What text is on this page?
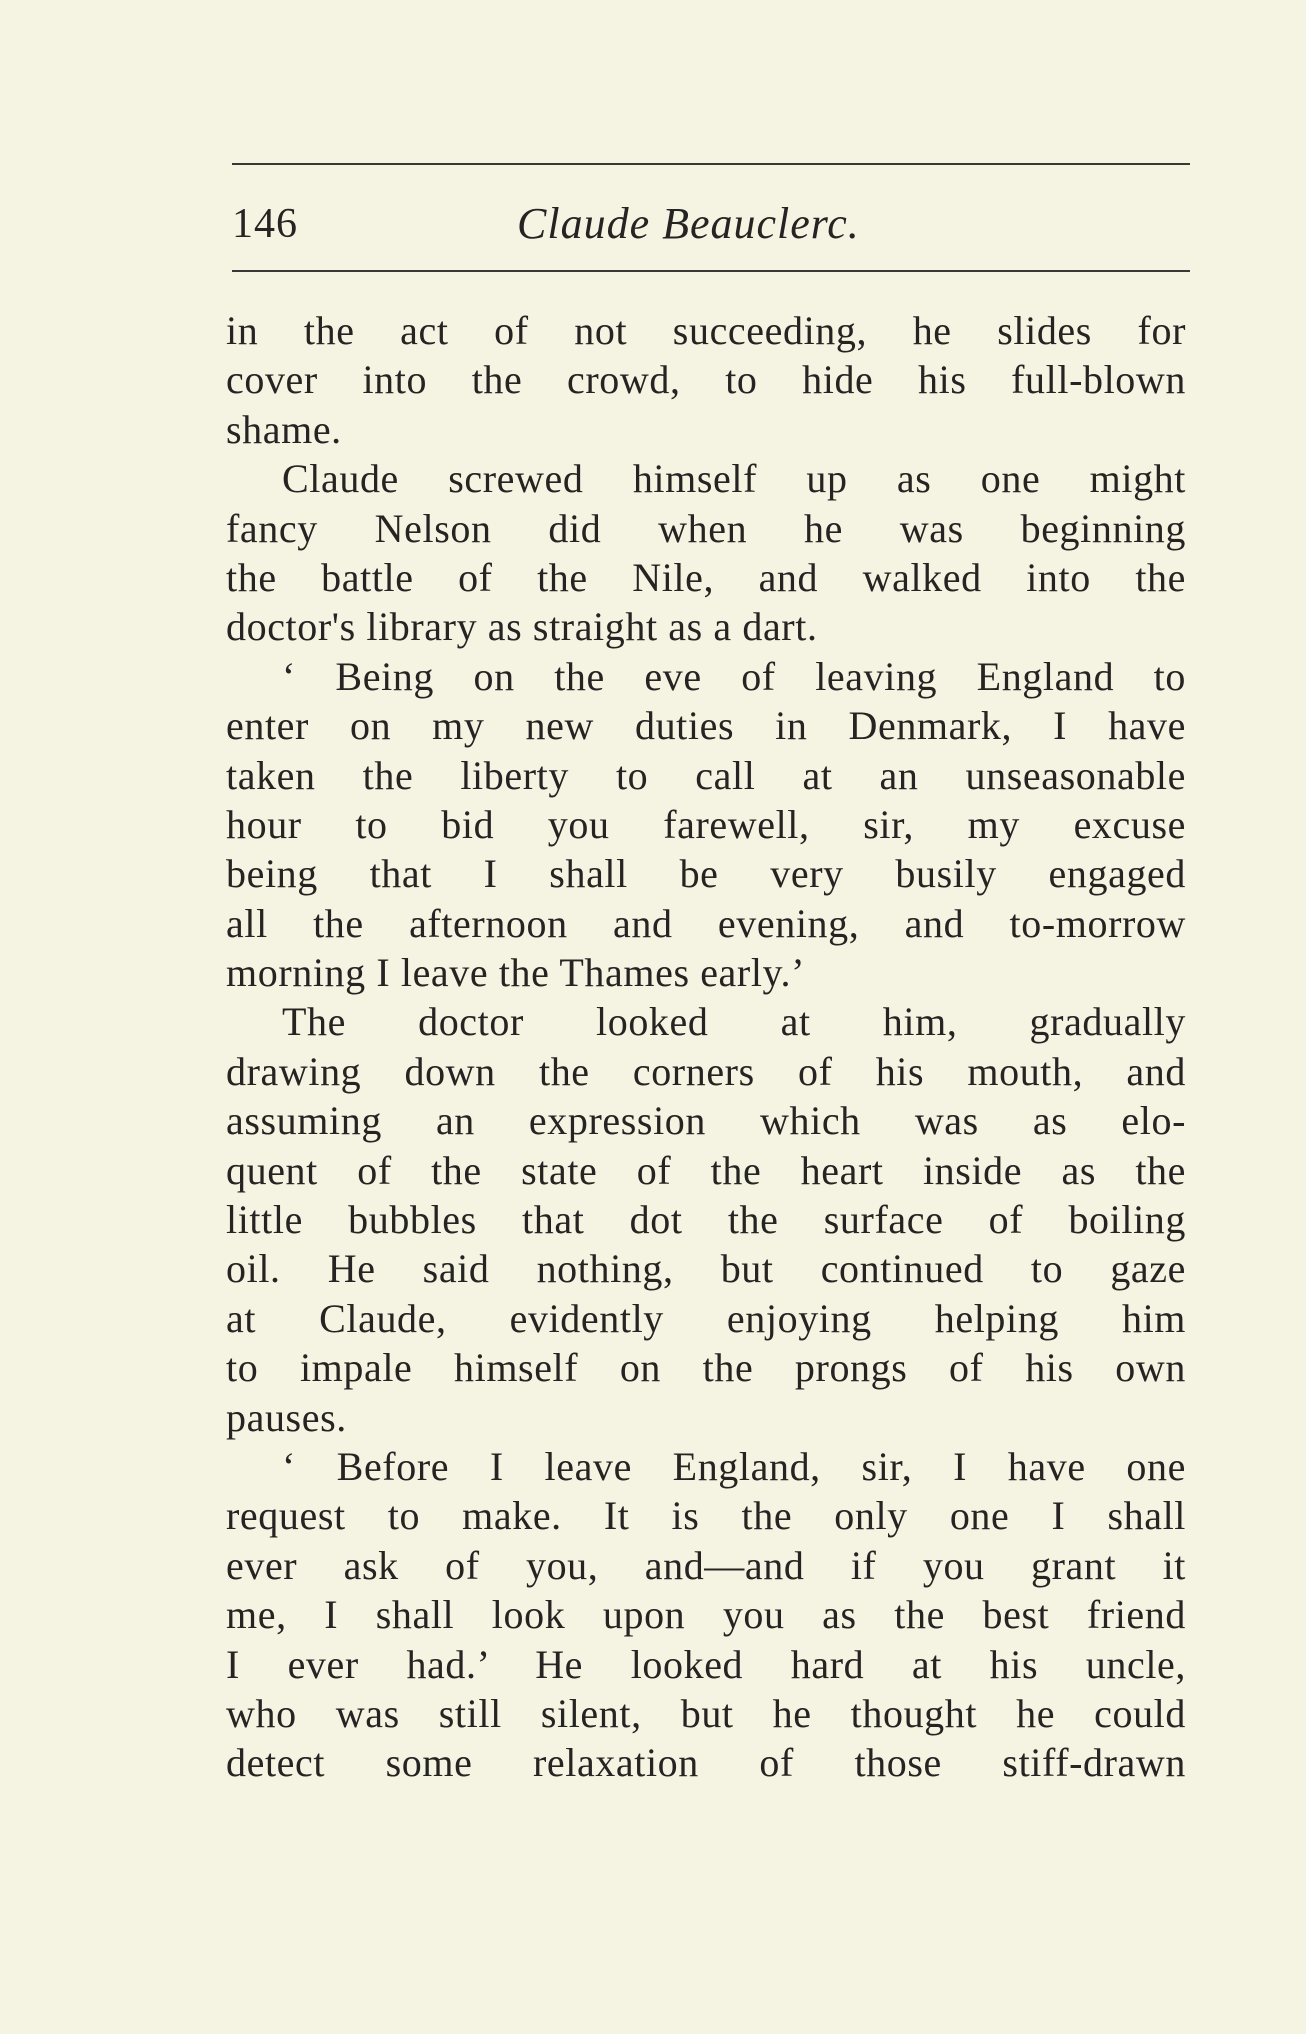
146	Claude Beauclerc.
in the act of not succeeding, he slides for
cover into the crowd, to hide his full-blown
shame.
Claude screwed himself up as one might
fancy Nelson did when he was beginning
the battle of the Nile, and walked into the
doctor's library as straight as a dart.
‘ Being on the eve of leaving England to
enter on my new duties in Denmark, I have
taken the liberty to call at an unseasonable
hour to bid you farewell, sir, my excuse
being that I shall be very busily engaged
all the afternoon and evening, and to-morrow
morning I leave the Thames early.’
The doctor looked at him, gradually
drawing down the corners of his mouth, and
assuming an expression which was as elo-
quent of the state of the heart inside as the
little bubbles that dot the surface of boiling
oil. He said nothing, but continued to gaze
at Claude, evidently enjoying helping him
to impale himself on the prongs of his own
pauses.
‘ Before I leave England, sir, I have one
request to make. It is the only one I shall
ever ask of you, and—and if you grant it
me, I shall look upon you as the best friend
I ever had.’ He looked hard at his uncle,
who was still silent, but he thought he could
detect some relaxation of those stiff-drawn
